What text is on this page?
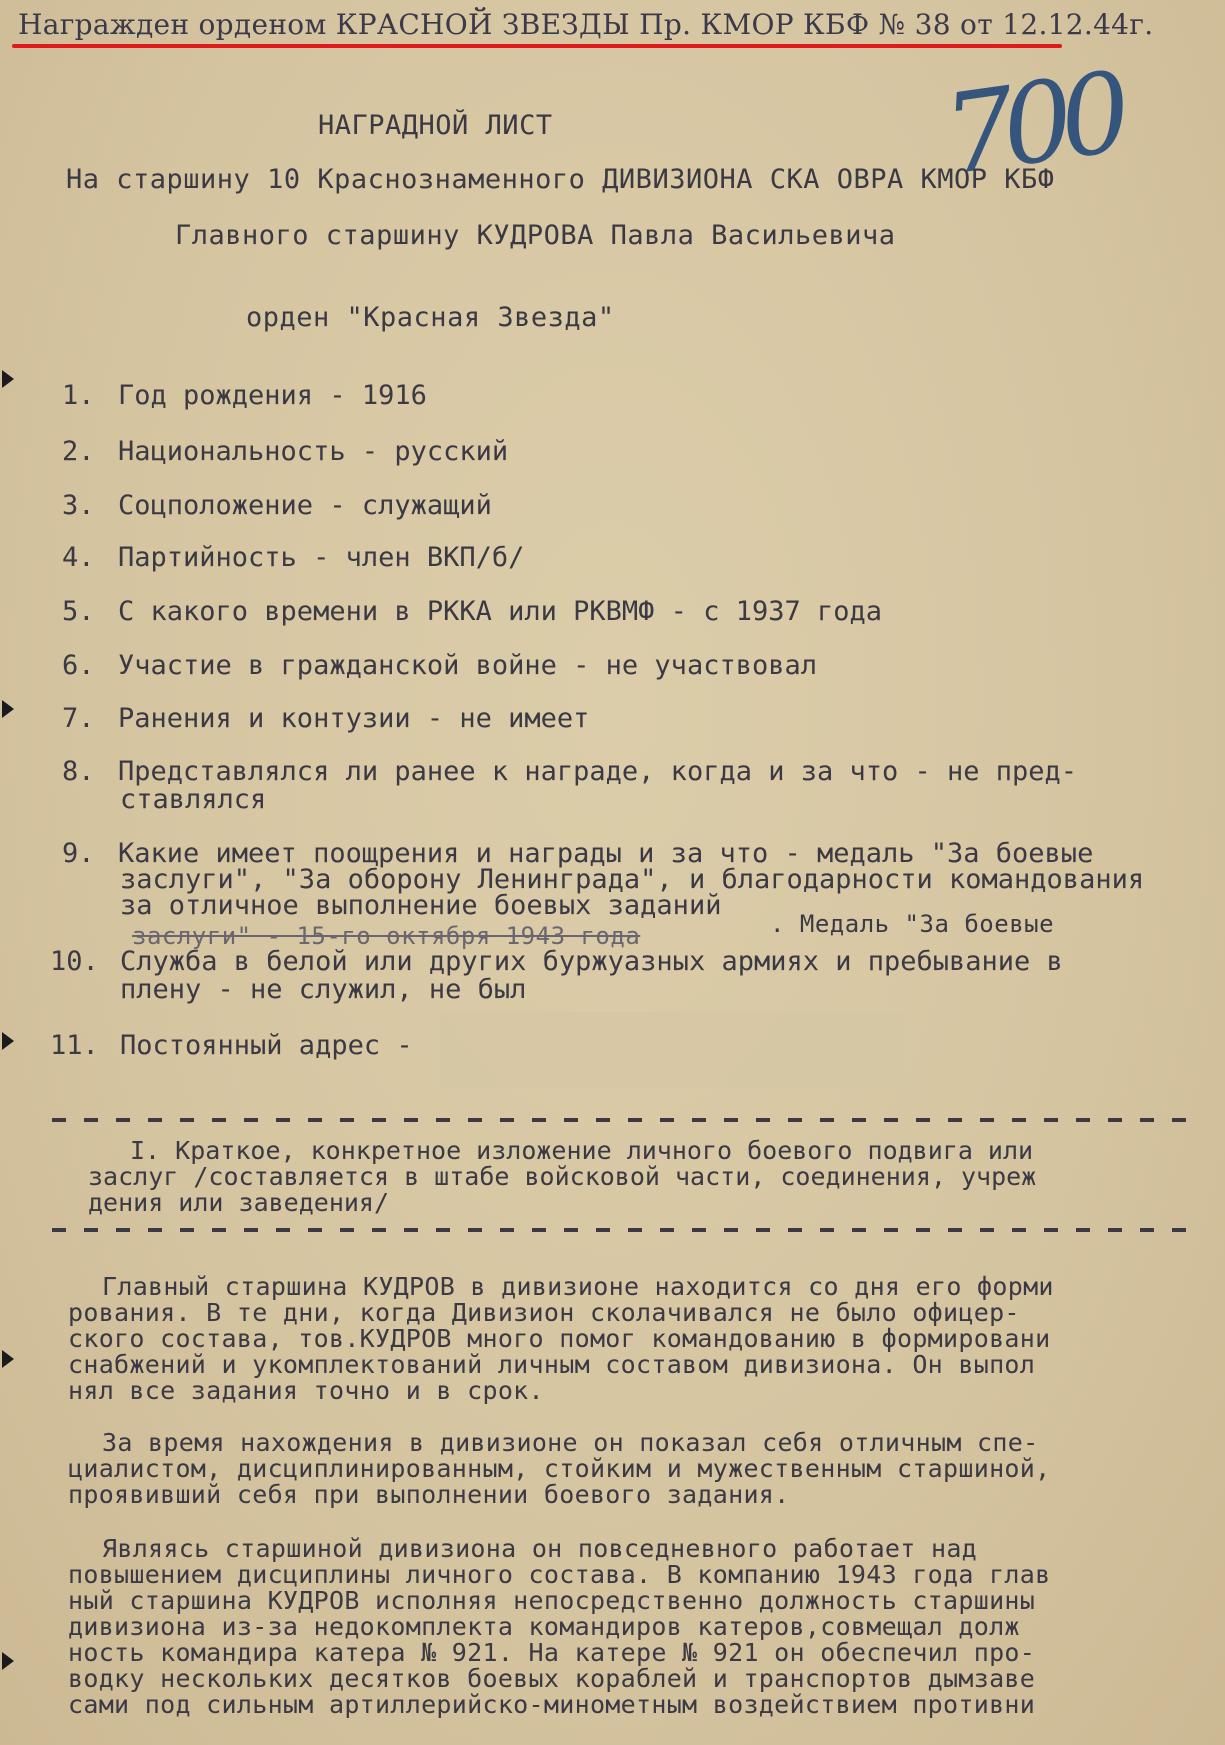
Награжден орденом КРАСНОЙ ЗВЕЗДЫ Пр. КМОР КБФ № 38 от 12.12.44г.
700
НАГРАДНОЙ ЛИСТ
На старшину 10 Краснознаменного ДИВИЗИОНА СКА ОВРА КМОР КБФ
Главного старшину КУДРОВА Павла Васильевича
орден "Красная Звезда"
1. Год рождения - 1916
2. Национальность - русский
3. Соцположение - служащий
4. Партийность - член ВКП/б/
5. С какого времени в РККА или РКВМФ - с 1937 года
6. Участие в гражданской войне - не участвовал
7. Ранения и контузии - не имеет
8. Представлялся ли ранее к награде, когда и за что - не пред-
ставлялся
9. Какие имеет поощрения и награды и за что - медаль "За боевые
заслуги", "За оборону Ленинграда", и благодарности командования
за отличное выполнение боевых заданий
. Медаль "За боевые
заслуги" - 15-го октября 1943 года
10. Служба в белой или других буржуазных армиях и пребывание в
плену - не служил, не был
11. Постоянный адрес -
I. Краткое, конкретное изложение личного боевого подвига или
заслуг /составляется в штабе войсковой части, соединения, учреж
дения или заведения/
Главный старшина КУДРОВ в дивизионе находится со дня его форми
рования. В те дни, когда Дивизион сколачивался не было офицер-
ского состава, тов.КУДРОВ много помог командованию в формировани
снабжений и укомплектований личным составом дивизиона. Он выпол
нял все задания точно и в срок.
За время нахождения в дивизионе он показал себя отличным спе-
циалистом, дисциплинированным, стойким и мужественным старшиной,
проявивший себя при выполнении боевого задания.
Являясь старшиной дивизиона он повседневного работает над
повышением дисциплины личного состава. В компанию 1943 года глав
ный старшина КУДРОВ исполняя непосредственно должность старшины
дивизиона из-за недокомплекта командиров катеров,совмещал долж
ность командира катера № 921. На катере № 921 он обеспечил про-
водку нескольких десятков боевых кораблей и транспортов дымзаве
сами под сильным артиллерийско-минометным воздействием противни
